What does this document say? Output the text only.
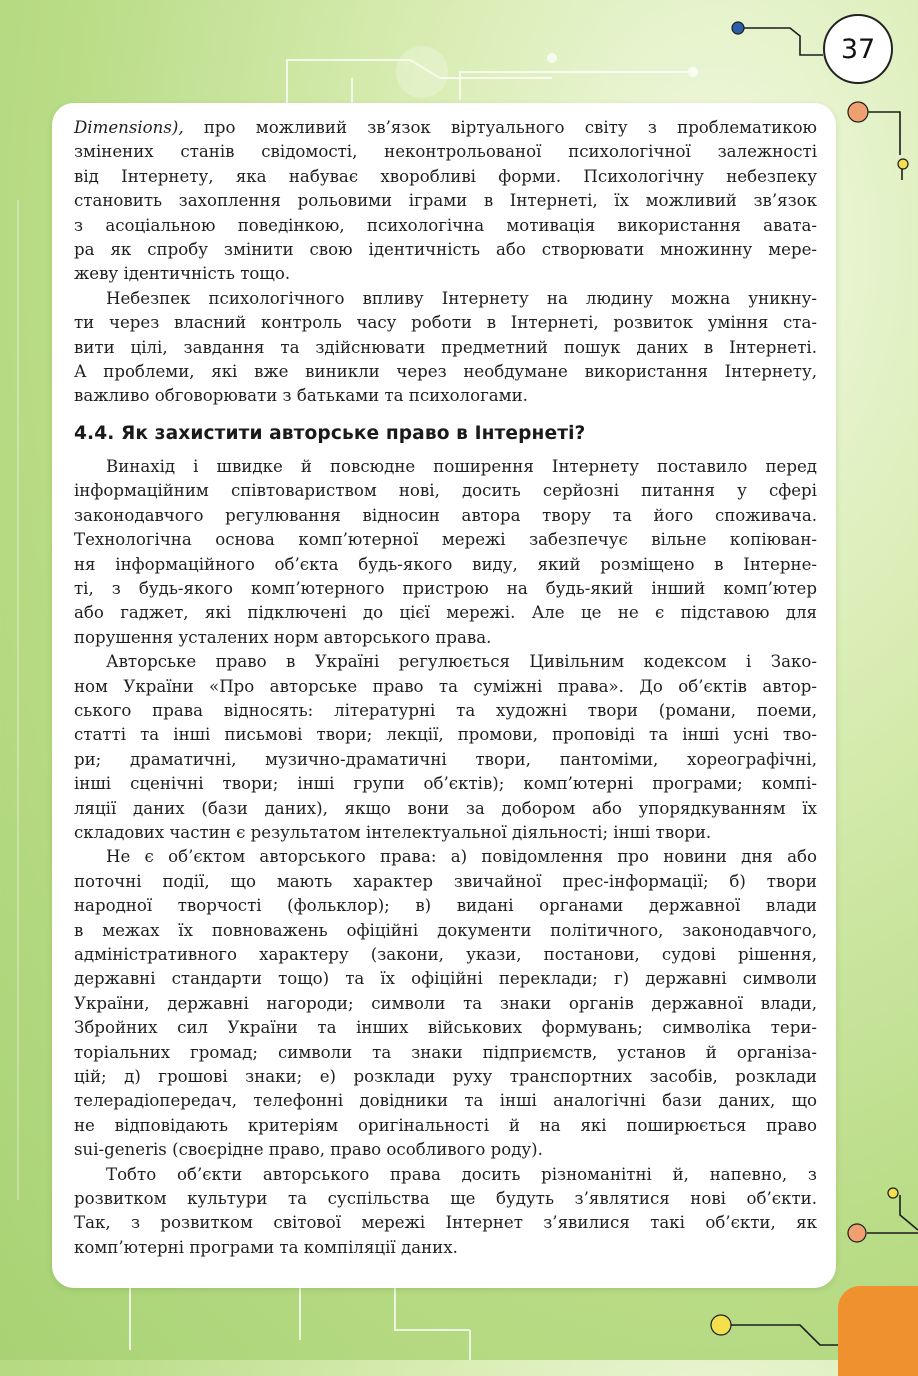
37

Dimensions), про можливий зв’язок віртуального світу з проблематикою
змінених станів свідомості, неконтрольованої психологічної залежності
від Інтернету, яка набуває хворобливі форми. Психологічну небезпеку
становить захоплення рольовими іграми в Інтернеті, їх можливий зв’язок
з асоціальною поведінкою, психологічна мотивація використання авата-
ра як спробу змінити свою ідентичність або створювати множинну мере-
жеву ідентичність тощо.

Небезпек психологічного впливу Інтернету на людину можна уникну-
ти через власний контроль часу роботи в Інтернеті, розвиток уміння ста-
вити цілі, завдання та здійснювати предметний пошук даних в Інтернеті.
А проблеми, які вже виникли через необдумане використання Інтернету,
важливо обговорювати з батьками та психологами.

4.4. Як захистити авторське право в Інтернеті?

Винахід і швидке й повсюдне поширення Інтернету поставило перед
інформаційним співтовариством нові, досить серйозні питання у сфері
законодавчого регулювання відносин автора твору та його споживача.
Технологічна основа комп’ютерної мережі забезпечує вільне копіюван-
ня інформаційного об’єкта будь-якого виду, який розміщено в Інтерне-
ті, з будь-якого комп’ютерного пристрою на будь-який інший комп’ютер
або гаджет, які підключені до цієї мережі. Але це не є підставою для
порушення усталених норм авторського права.

Авторське право в Україні регулюється Цивільним кодексом і Зако-
ном України «Про авторське право та суміжні права». До об’єктів автор-
ського права відносять: літературні та художні твори (романи, поеми,
статті та інші письмові твори; лекції, промови, проповіді та інші усні тво-
ри; драматичні, музично-драматичні твори, пантоміми, хореографічні,
інші сценічні твори; інші групи об’єктів); комп’ютерні програми; компі-
ляції даних (бази даних), якщо вони за добором або упорядкуванням їх
складових частин є результатом інтелектуальної діяльності; інші твори.

Не є об’єктом авторського права: а) повідомлення про новини дня або
поточні події, що мають характер звичайної прес-інформації; б) твори
народної творчості (фольклор); в) видані органами державної влади
в межах їх повноважень офіційні документи політичного, законодавчого,
адміністративного характеру (закони, укази, постанови, судові рішення,
державні стандарти тощо) та їх офіційні переклади; г) державні символи
України, державні нагороди; символи та знаки органів державної влади,
Збройних сил України та інших військових формувань; символіка тери-
торіальних громад; символи та знаки підприємств, установ й організа-
цій; д) грошові знаки; е) розклади руху транспортних засобів, розклади
телерадіопередач, телефонні довідники та інші аналогічні бази даних, що
не відповідають критеріям оригінальності й на які поширюється право
sui-generis (своєрідне право, право особливого роду).

Тобто об’єкти авторського права досить різноманітні й, напевно, з
розвитком культури та суспільства ще будуть з’являтися нові об’єкти.
Так, з розвитком світової мережі Інтернет з’явилися такі об’єкти, як
комп’ютерні програми та компіляції даних.
